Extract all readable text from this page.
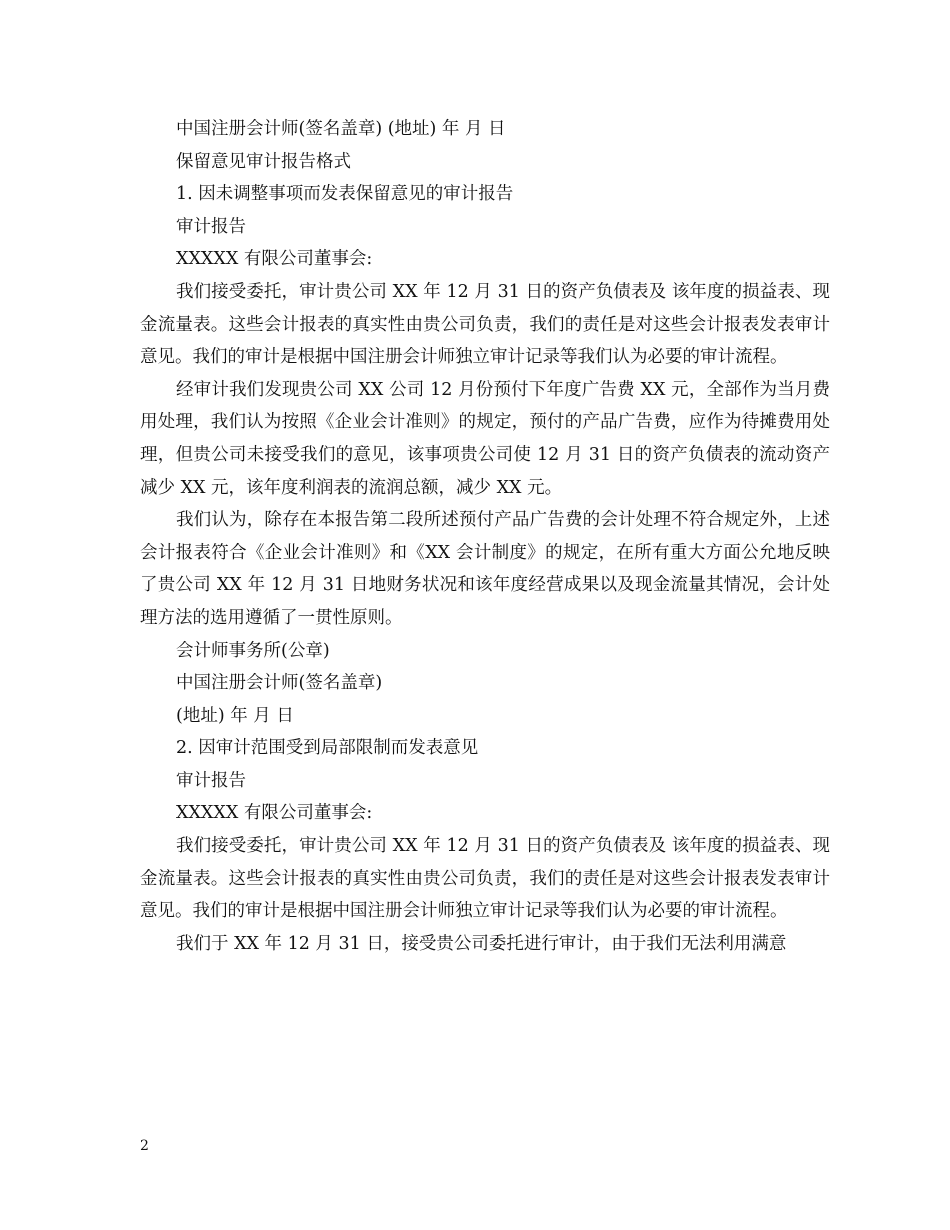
中国注册会计师(签名盖章) (地址) 年 月 日

保留意见审计报告格式

1. 因未调整事项而发表保留意见的审计报告

审计报告

XXXXX 有限公司董事会:

我们接受委托，审计贵公司 XX 年 12 月 31 日的资产负债表及 该年度的损益表、现金流量表。这些会计报表的真实性由贵公司负责，我们的责任是对这些会计报表发表审计意见。我们的审计是根据中国注册会计师独立审计记录等我们认为必要的审计流程。

经审计我们发现贵公司 XX 公司 12 月份预付下年度广告费 XX 元，全部作为当月费用处理，我们认为按照《企业会计准则》的规定，预付的产品广告费，应作为待摊费用处理，但贵公司未接受我们的意见，该事项贵公司使 12 月 31 日的资产负债表的流动资产减少 XX 元，该年度利润表的流润总额，减少 XX 元。

我们认为，除存在本报告第二段所述预付产品广告费的会计处理不符合规定外，上述会计报表符合《企业会计准则》和《XX 会计制度》的规定，在所有重大方面公允地反映了贵公司 XX 年 12 月 31 日地财务状况和该年度经营成果以及现金流量其情况，会计处理方法的选用遵循了一贯性原则。

会计师事务所(公章)

中国注册会计师(签名盖章)

(地址) 年 月 日

2. 因审计范围受到局部限制而发表意见

审计报告

XXXXX 有限公司董事会:

我们接受委托，审计贵公司 XX 年 12 月 31 日的资产负债表及 该年度的损益表、现金流量表。这些会计报表的真实性由贵公司负责，我们的责任是对这些会计报表发表审计意见。我们的审计是根据中国注册会计师独立审计记录等我们认为必要的审计流程。

我们于 XX 年 12 月 31 日，接受贵公司委托进行审计，由于我们无法利用满意

2
